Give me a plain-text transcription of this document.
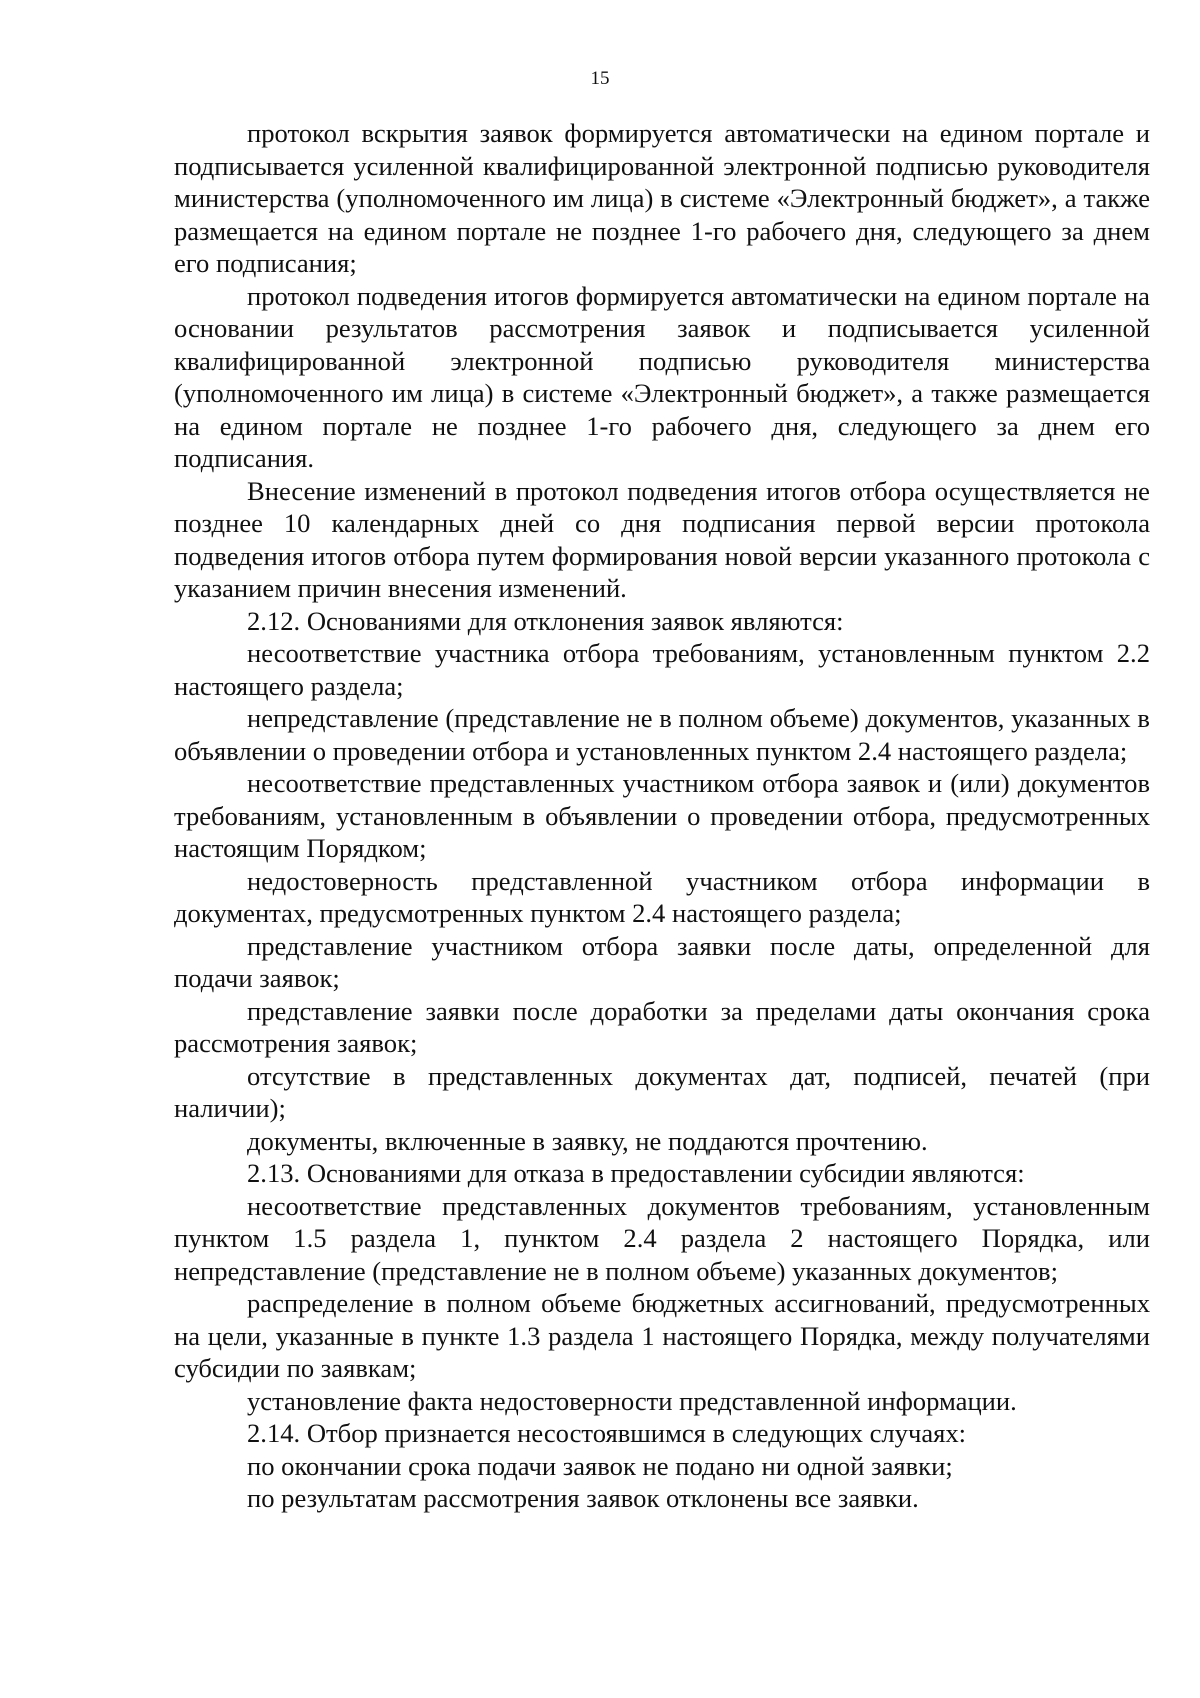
15

протокол вскрытия заявок формируется автоматически на едином портале и подписывается усиленной квалифицированной электронной подписью руководителя министерства (уполномоченного им лица) в системе «Электронный бюджет», а также размещается на едином портале не позднее 1-го рабочего дня, следующего за днем его подписания;

протокол подведения итогов формируется автоматически на едином портале на основании результатов рассмотрения заявок и подписывается усиленной квалифицированной электронной подписью руководителя министерства (уполномоченного им лица) в системе «Электронный бюджет», а также размещается на едином портале не позднее 1-го рабочего дня, следующего за днем его подписания.

Внесение изменений в протокол подведения итогов отбора осуществляется не позднее 10 календарных дней со дня подписания первой версии протокола подведения итогов отбора путем формирования новой версии указанного протокола с указанием причин внесения изменений.

2.12. Основаниями для отклонения заявок являются:

несоответствие участника отбора требованиям, установленным пунктом 2.2 настоящего раздела;

непредставление (представление не в полном объеме) документов, указанных в объявлении о проведении отбора и установленных пунктом 2.4 настоящего раздела;

несоответствие представленных участником отбора заявок и (или) документов требованиям, установленным в объявлении о проведении отбора, предусмотренных настоящим Порядком;

недостоверность представленной участником отбора информации в документах, предусмотренных пунктом 2.4 настоящего раздела;

представление участником отбора заявки после даты, определенной для подачи заявок;

представление заявки после доработки за пределами даты окончания срока рассмотрения заявок;

отсутствие в представленных документах дат, подписей, печатей (при наличии);

документы, включенные в заявку, не поддаются прочтению.

2.13. Основаниями для отказа в предоставлении субсидии являются:

несоответствие представленных документов требованиям, установленным пунктом 1.5 раздела 1, пунктом 2.4 раздела 2 настоящего Порядка, или непредставление (представление не в полном объеме) указанных документов;

распределение в полном объеме бюджетных ассигнований, предусмотренных на цели, указанные в пункте 1.3 раздела 1 настоящего Порядка, между получателями субсидии по заявкам;

установление факта недостоверности представленной информации.

2.14. Отбор признается несостоявшимся в следующих случаях:

по окончании срока подачи заявок не подано ни одной заявки;

по результатам рассмотрения заявок отклонены все заявки.
